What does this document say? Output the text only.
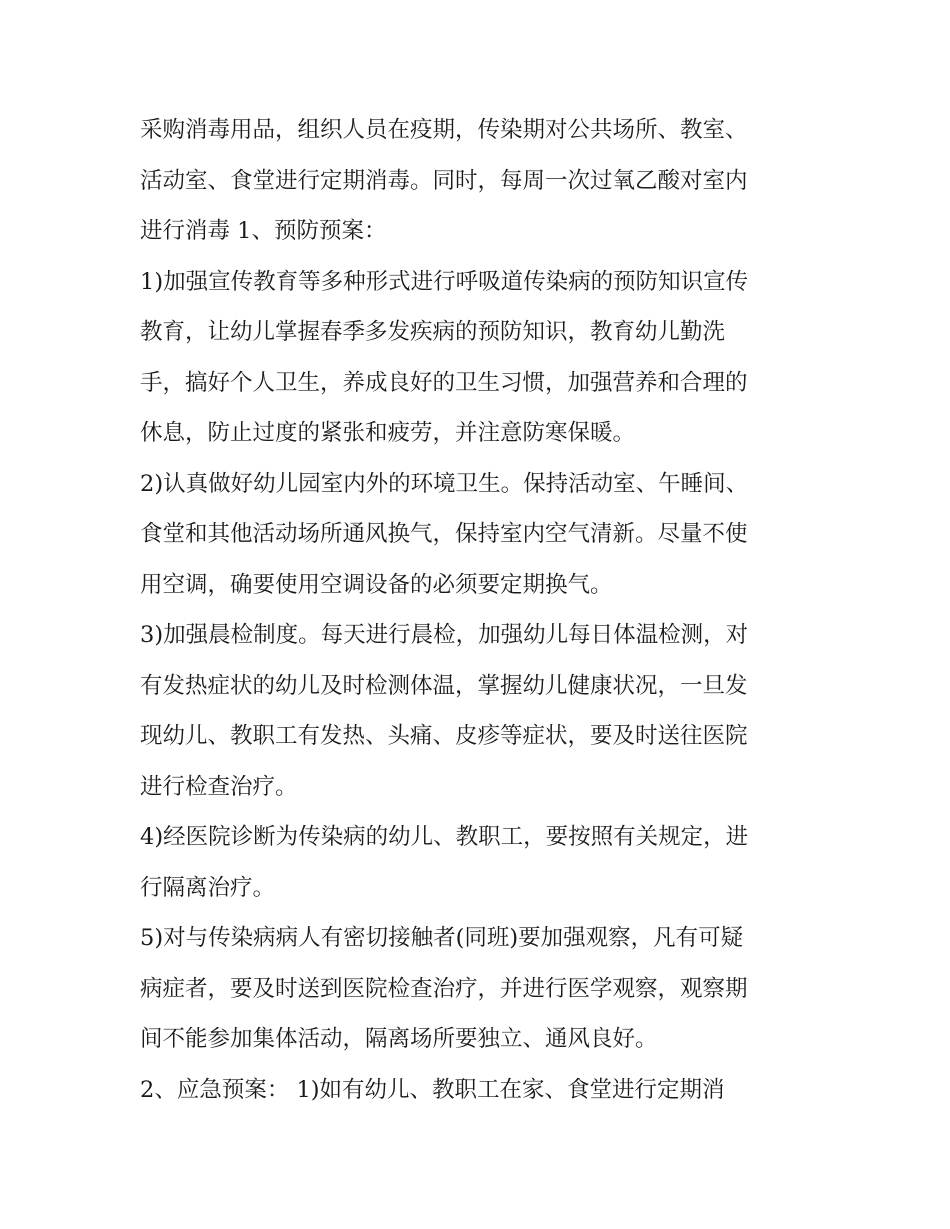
采购消毒用品，组织人员在疫期，传染期对公共场所、教室、
活动室、食堂进行定期消毒。同时，每周一次过氧乙酸对室内
进行消毒 1、预防预案：
1)加强宣传教育等多种形式进行呼吸道传染病的预防知识宣传
教育，让幼儿掌握春季多发疾病的预防知识，教育幼儿勤洗
手，搞好个人卫生，养成良好的卫生习惯，加强营养和合理的
休息，防止过度的紧张和疲劳，并注意防寒保暖。
2)认真做好幼儿园室内外的环境卫生。保持活动室、午睡间、
食堂和其他活动场所通风换气，保持室内空气清新。尽量不使
用空调，确要使用空调设备的必须要定期换气。
3)加强晨检制度。每天进行晨检，加强幼儿每日体温检测，对
有发热症状的幼儿及时检测体温，掌握幼儿健康状况，一旦发
现幼儿、教职工有发热、头痛、皮疹等症状，要及时送往医院
进行检查治疗。
4)经医院诊断为传染病的幼儿、教职工，要按照有关规定，进
行隔离治疗。
5)对与传染病病人有密切接触者(同班)要加强观察，凡有可疑
病症者，要及时送到医院检查治疗，并进行医学观察，观察期
间不能参加集体活动，隔离场所要独立、通风良好。
2、应急预案： 1)如有幼儿、教职工在家、食堂进行定期消
